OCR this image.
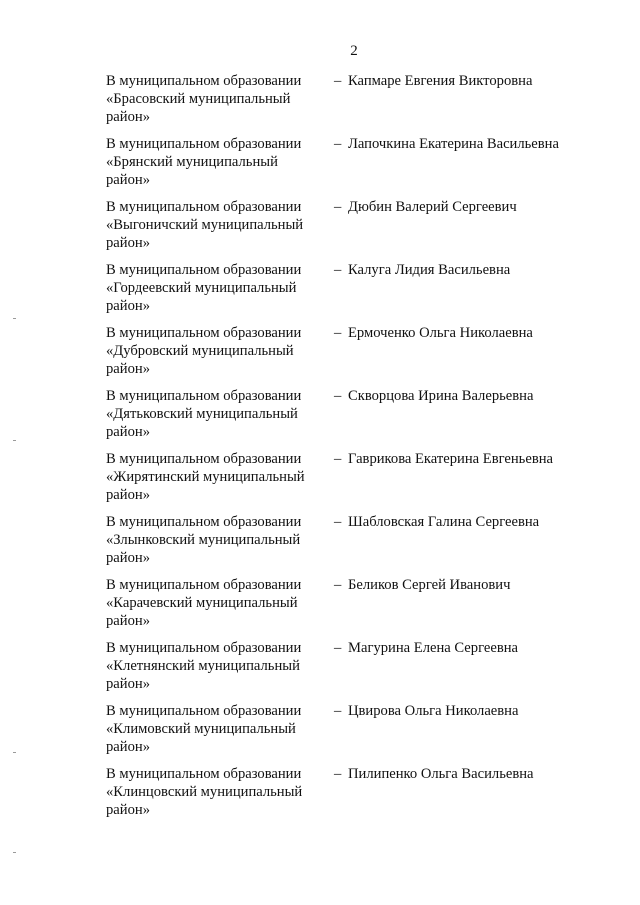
2
В муниципальном образовании
«Брасовский муниципальный
район»
– Капмаре Евгения Викторовна
В муниципальном образовании
«Брянский муниципальный
район»
– Лапочкина Екатерина Васильевна
В муниципальном образовании
«Выгоничский муниципальный
район»
– Дюбин Валерий Сергеевич
В муниципальном образовании
«Гордеевский муниципальный
район»
– Калуга Лидия Васильевна
В муниципальном образовании
«Дубровский муниципальный
район»
– Ермоченко Ольга Николаевна
В муниципальном образовании
«Дятьковский муниципальный
район»
– Скворцова Ирина Валерьевна
В муниципальном образовании
«Жирятинский муниципальный
район»
– Гаврикова Екатерина Евгеньевна
В муниципальном образовании
«Злынковский муниципальный
район»
– Шабловская Галина Сергеевна
В муниципальном образовании
«Карачевский муниципальный
район»
– Беликов Сергей Иванович
В муниципальном образовании
«Клетнянский муниципальный
район»
– Магурина Елена Сергеевна
В муниципальном образовании
«Климовский муниципальный
район»
– Цвирова Ольга Николаевна
В муниципальном образовании
«Клинцовский муниципальный
район»
– Пилипенко Ольга Васильевна
